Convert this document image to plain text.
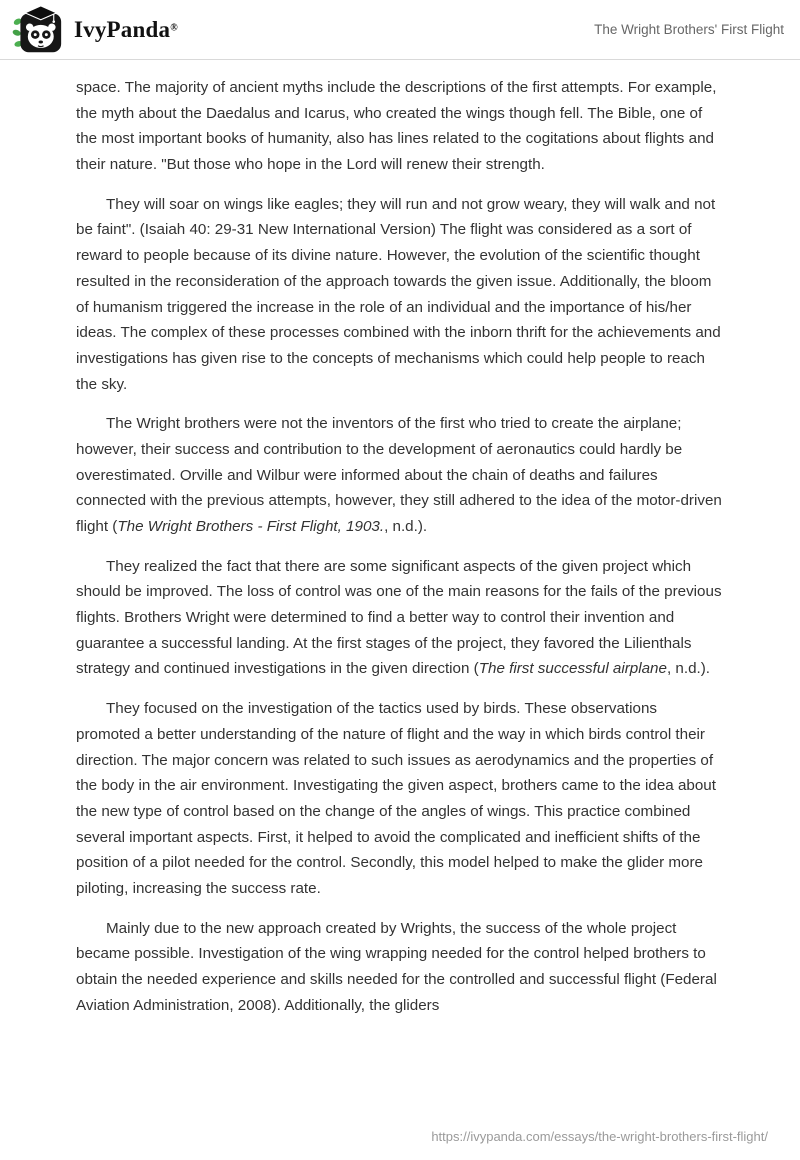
IvyPanda®	The Wright Brothers' First Flight

space. The majority of ancient myths include the descriptions of the first attempts. For example, the myth about the Daedalus and Icarus, who created the wings though fell. The Bible, one of the most important books of humanity, also has lines related to the cogitations about flights and their nature. "But those who hope in the Lord will renew their strength.

They will soar on wings like eagles; they will run and not grow weary, they will walk and not be faint". (Isaiah 40: 29-31 New International Version) The flight was considered as a sort of reward to people because of its divine nature. However, the evolution of the scientific thought resulted in the reconsideration of the approach towards the given issue. Additionally, the bloom of humanism triggered the increase in the role of an individual and the importance of his/her ideas. The complex of these processes combined with the inborn thrift for the achievements and investigations has given rise to the concepts of mechanisms which could help people to reach the sky.

The Wright brothers were not the inventors of the first who tried to create the airplane; however, their success and contribution to the development of aeronautics could hardly be overestimated. Orville and Wilbur were informed about the chain of deaths and failures connected with the previous attempts, however, they still adhered to the idea of the motor-driven flight (The Wright Brothers - First Flight, 1903., n.d.).

They realized the fact that there are some significant aspects of the given project which should be improved. The loss of control was one of the main reasons for the fails of the previous flights. Brothers Wright were determined to find a better way to control their invention and guarantee a successful landing. At the first stages of the project, they favored the Lilienthals strategy and continued investigations in the given direction (The first successful airplane, n.d.).

They focused on the investigation of the tactics used by birds. These observations promoted a better understanding of the nature of flight and the way in which birds control their direction. The major concern was related to such issues as aerodynamics and the properties of the body in the air environment. Investigating the given aspect, brothers came to the idea about the new type of control based on the change of the angles of wings. This practice combined several important aspects. First, it helped to avoid the complicated and inefficient shifts of the position of a pilot needed for the control. Secondly, this model helped to make the glider more piloting, increasing the success rate.

Mainly due to the new approach created by Wrights, the success of the whole project became possible. Investigation of the wing wrapping needed for the control helped brothers to obtain the needed experience and skills needed for the controlled and successful flight (Federal Aviation Administration, 2008). Additionally, the gliders

https://ivypanda.com/essays/the-wright-brothers-first-flight/
